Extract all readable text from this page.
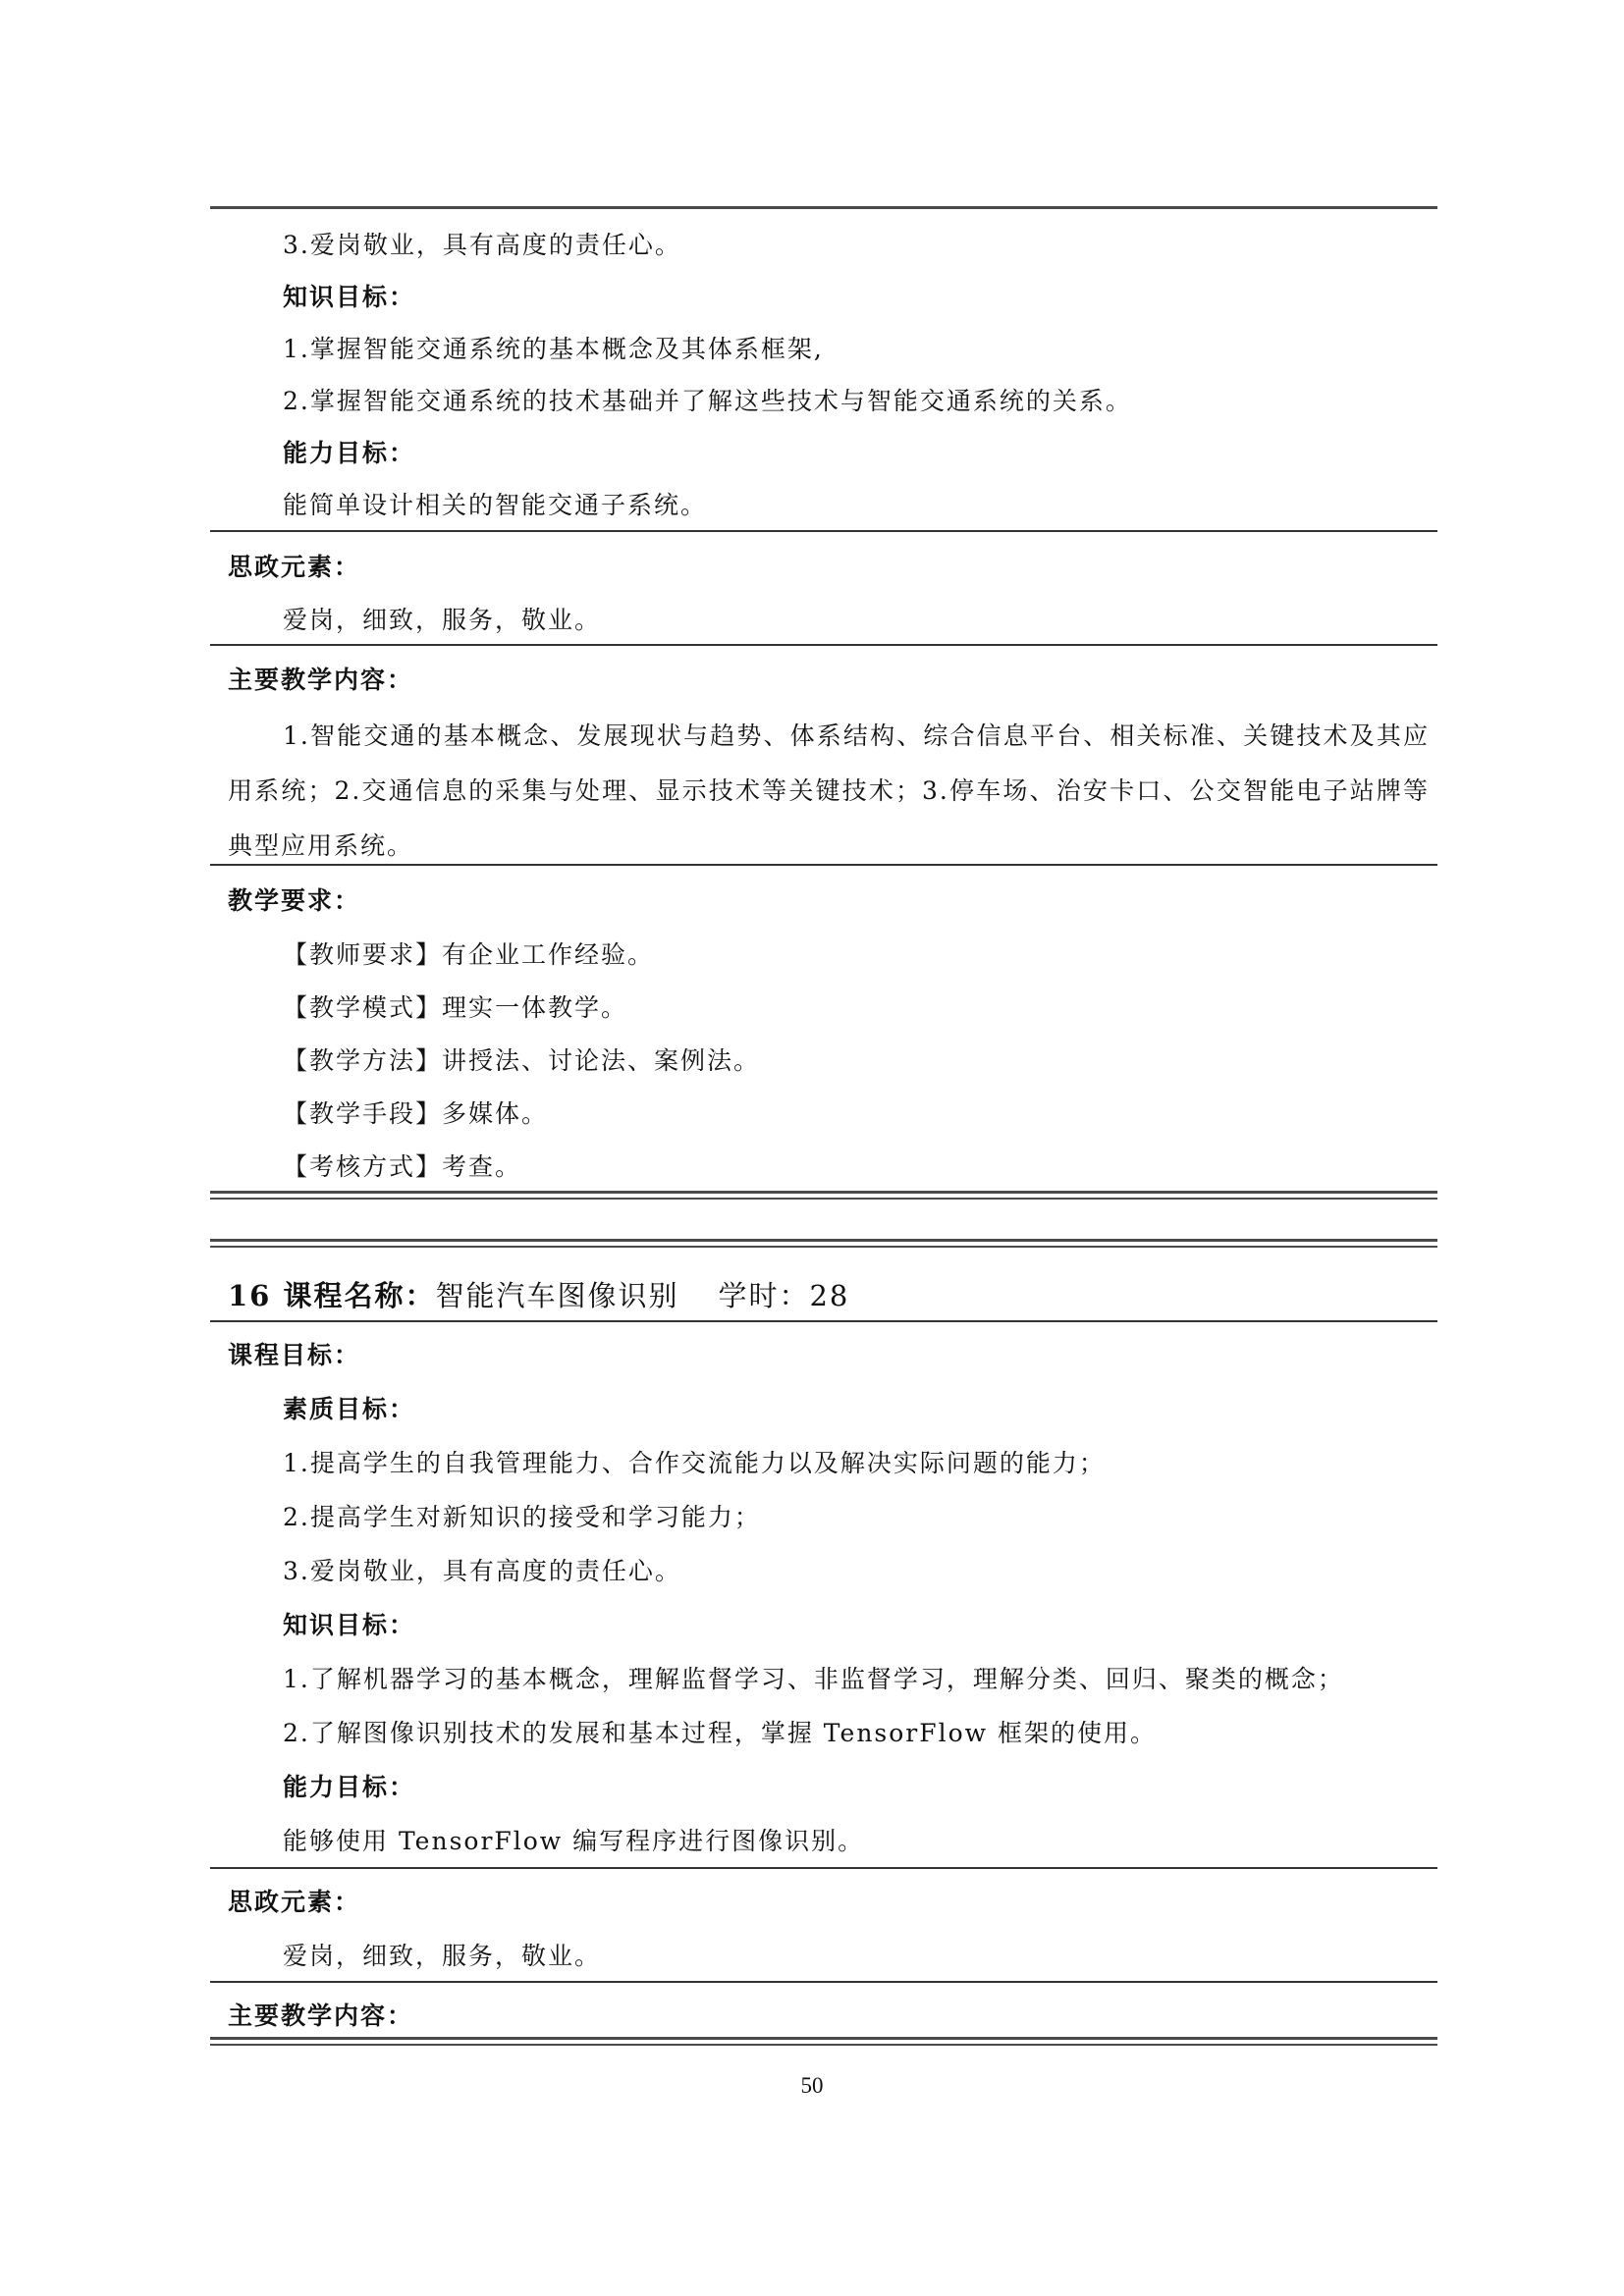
3.爱岗敬业，具有高度的责任心。
知识目标：
1.掌握智能交通系统的基本概念及其体系框架,
2.掌握智能交通系统的技术基础并了解这些技术与智能交通系统的关系。
能力目标：
能简单设计相关的智能交通子系统。
思政元素：
爱岗，细致，服务，敬业。
主要教学内容：
1.智能交通的基本概念、发展现状与趋势、体系结构、综合信息平台、相关标准、关键技术及其应用系统；2.交通信息的采集与处理、显示技术等关键技术；3.停车场、治安卡口、公交智能电子站牌等典型应用系统。
教学要求：
【教师要求】有企业工作经验。
【教学模式】理实一体教学。
【教学方法】讲授法、讨论法、案例法。
【教学手段】多媒体。
【考核方式】考查。
16 课程名称：智能汽车图像识别 学时：28
课程目标：
素质目标：
1.提高学生的自我管理能力、合作交流能力以及解决实际问题的能力；
2.提高学生对新知识的接受和学习能力；
3.爱岗敬业，具有高度的责任心。
知识目标：
1.了解机器学习的基本概念，理解监督学习、非监督学习，理解分类、回归、聚类的概念；
2.了解图像识别技术的发展和基本过程，掌握 TensorFlow 框架的使用。
能力目标：
能够使用 TensorFlow 编写程序进行图像识别。
思政元素：
爱岗，细致，服务，敬业。
主要教学内容：
50
